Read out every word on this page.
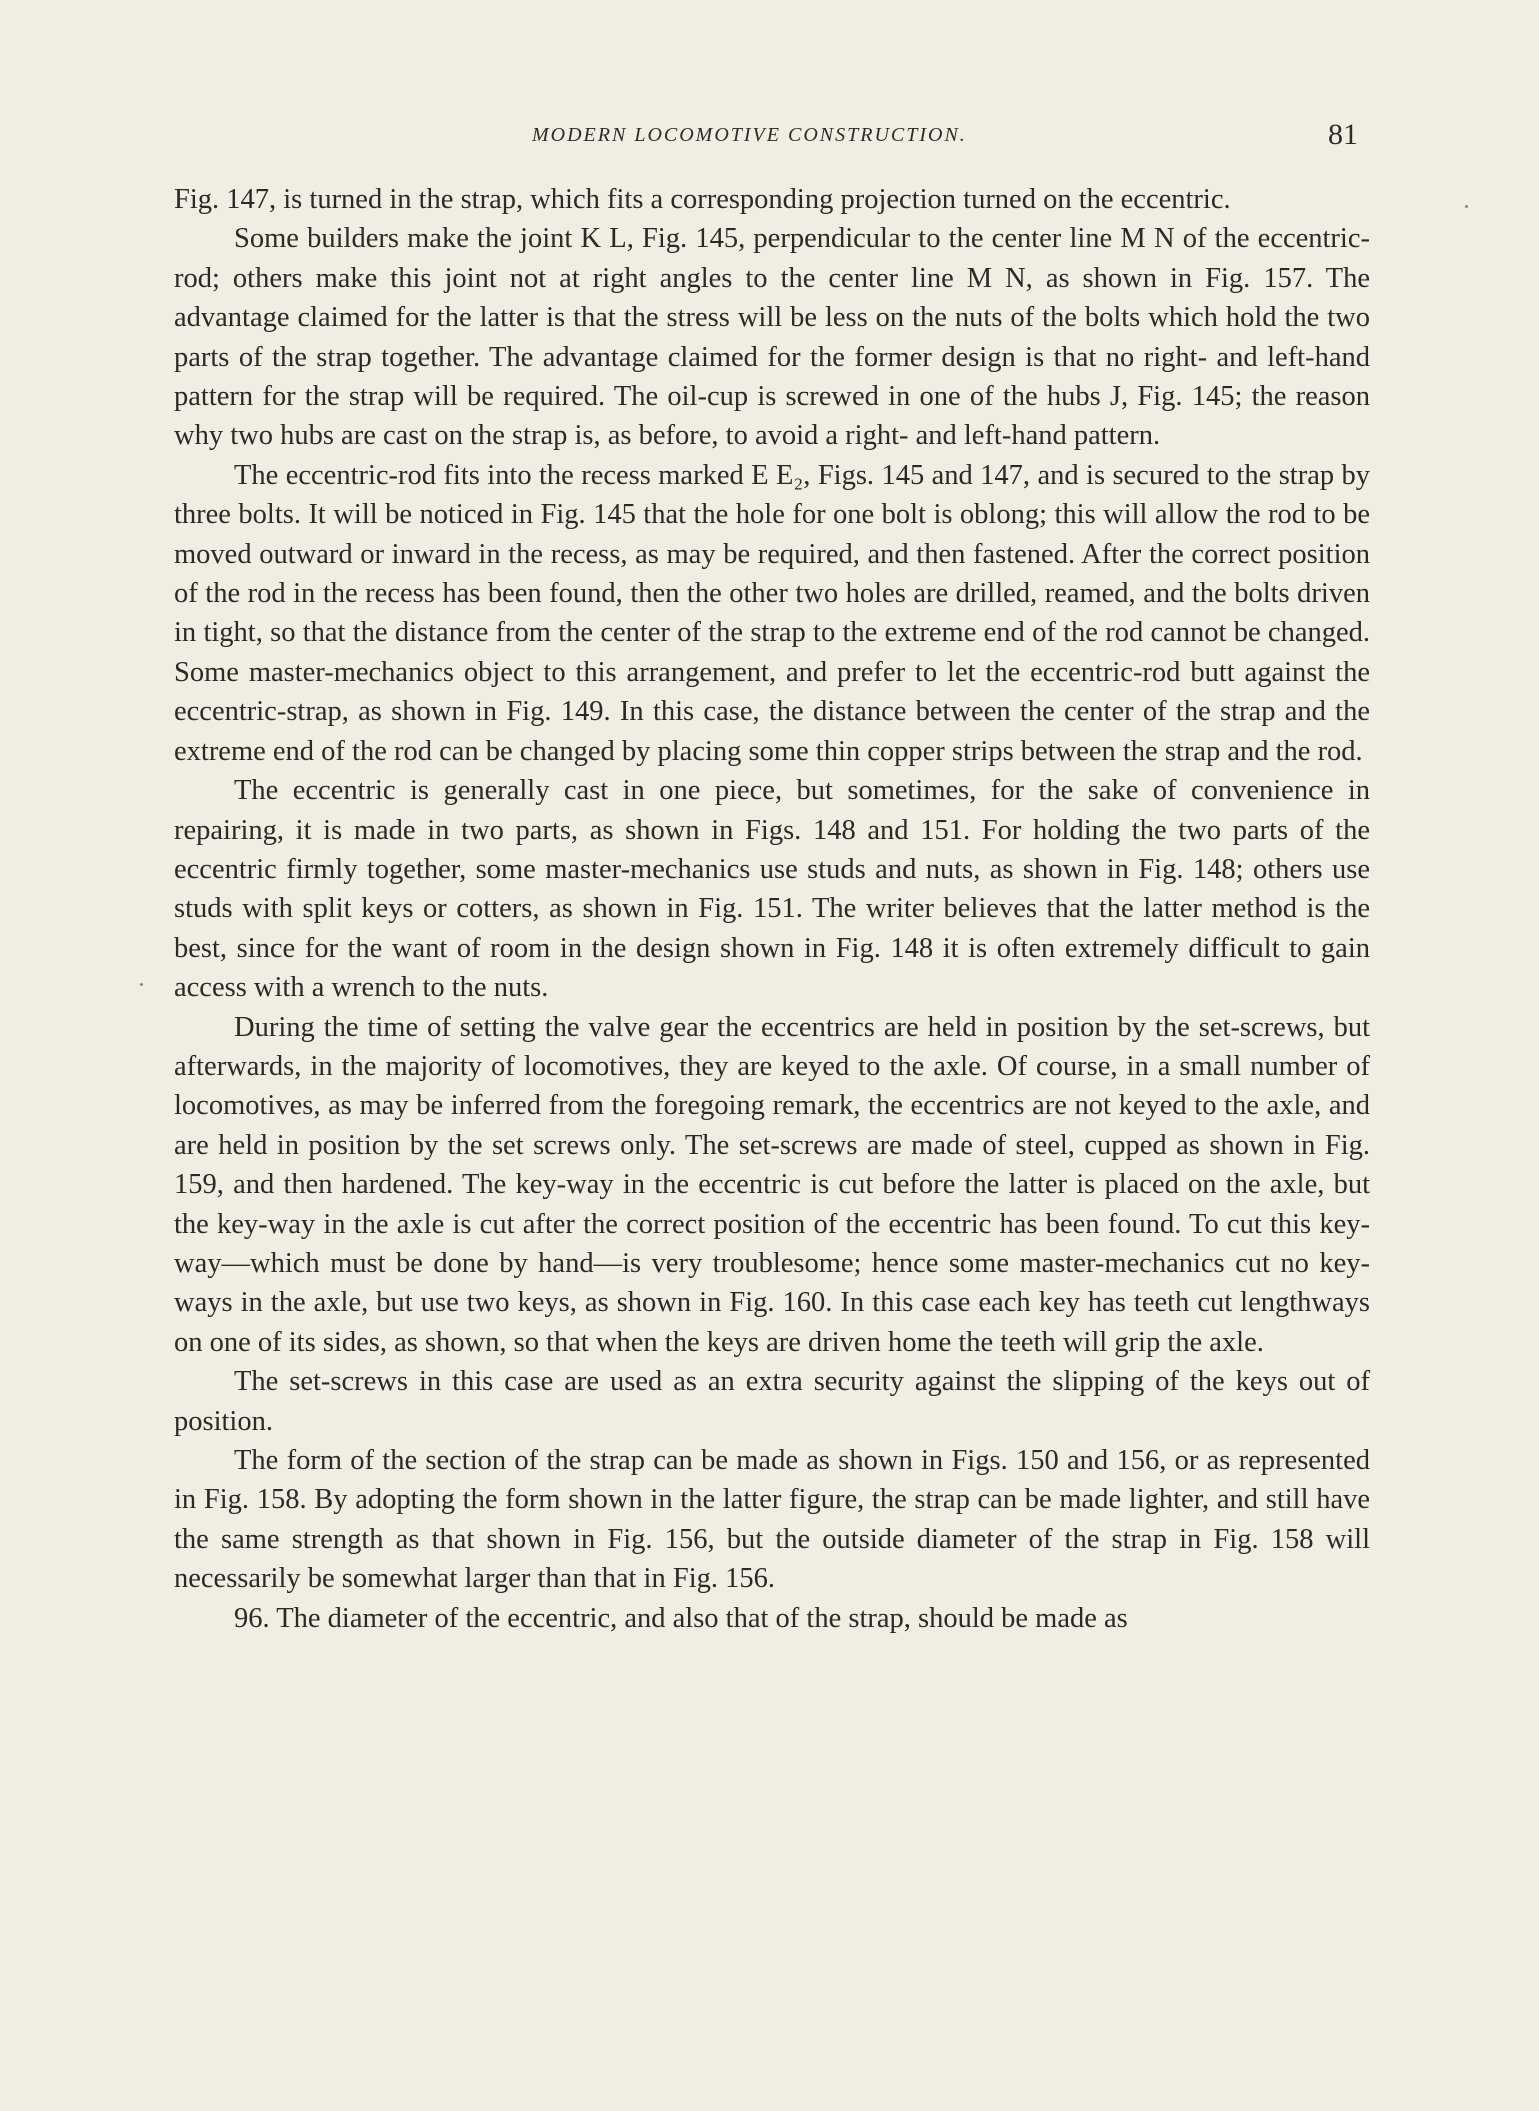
MODERN LOCOMOTIVE CONSTRUCTION.	81

Fig. 147, is turned in the strap, which fits a corresponding projection turned on the eccentric.

Some builders make the joint K L, Fig. 145, perpendicular to the center line M N of the eccentric-rod; others make this joint not at right angles to the center line M N, as shown in Fig. 157. The advantage claimed for the latter is that the stress will be less on the nuts of the bolts which hold the two parts of the strap together. The advantage claimed for the former design is that no right- and left-hand pattern for the strap will be required. The oil-cup is screwed in one of the hubs J, Fig. 145; the reason why two hubs are cast on the strap is, as before, to avoid a right- and left-hand pattern.

The eccentric-rod fits into the recess marked E E₂, Figs. 145 and 147, and is secured to the strap by three bolts. It will be noticed in Fig. 145 that the hole for one bolt is oblong; this will allow the rod to be moved outward or inward in the recess, as may be required, and then fastened. After the correct position of the rod in the recess has been found, then the other two holes are drilled, reamed, and the bolts driven in tight, so that the distance from the center of the strap to the extreme end of the rod cannot be changed. Some master-mechanics object to this arrangement, and prefer to let the eccentric-rod butt against the eccentric-strap, as shown in Fig. 149. In this case, the distance between the center of the strap and the extreme end of the rod can be changed by placing some thin copper strips between the strap and the rod.

The eccentric is generally cast in one piece, but sometimes, for the sake of convenience in repairing, it is made in two parts, as shown in Figs. 148 and 151. For holding the two parts of the eccentric firmly together, some master-mechanics use studs and nuts, as shown in Fig. 148; others use studs with split keys or cotters, as shown in Fig. 151. The writer believes that the latter method is the best, since for the want of room in the design shown in Fig. 148 it is often extremely difficult to gain access with a wrench to the nuts.

During the time of setting the valve gear the eccentrics are held in position by the set-screws, but afterwards, in the majority of locomotives, they are keyed to the axle. Of course, in a small number of locomotives, as may be inferred from the foregoing remark, the eccentrics are not keyed to the axle, and are held in position by the set screws only. The set-screws are made of steel, cupped as shown in Fig. 159, and then hardened. The key-way in the eccentric is cut before the latter is placed on the axle, but the key-way in the axle is cut after the correct position of the eccentric has been found. To cut this key-way—which must be done by hand—is very troublesome; hence some master-mechanics cut no key-ways in the axle, but use two keys, as shown in Fig. 160. In this case each key has teeth cut lengthways on one of its sides, as shown, so that when the keys are driven home the teeth will grip the axle.

The set-screws in this case are used as an extra security against the slipping of the keys out of position.

The form of the section of the strap can be made as shown in Figs. 150 and 156, or as represented in Fig. 158. By adopting the form shown in the latter figure, the strap can be made lighter, and still have the same strength as that shown in Fig. 156, but the outside diameter of the strap in Fig. 158 will necessarily be somewhat larger than that in Fig. 156.

96. The diameter of the eccentric, and also that of the strap, should be made as
